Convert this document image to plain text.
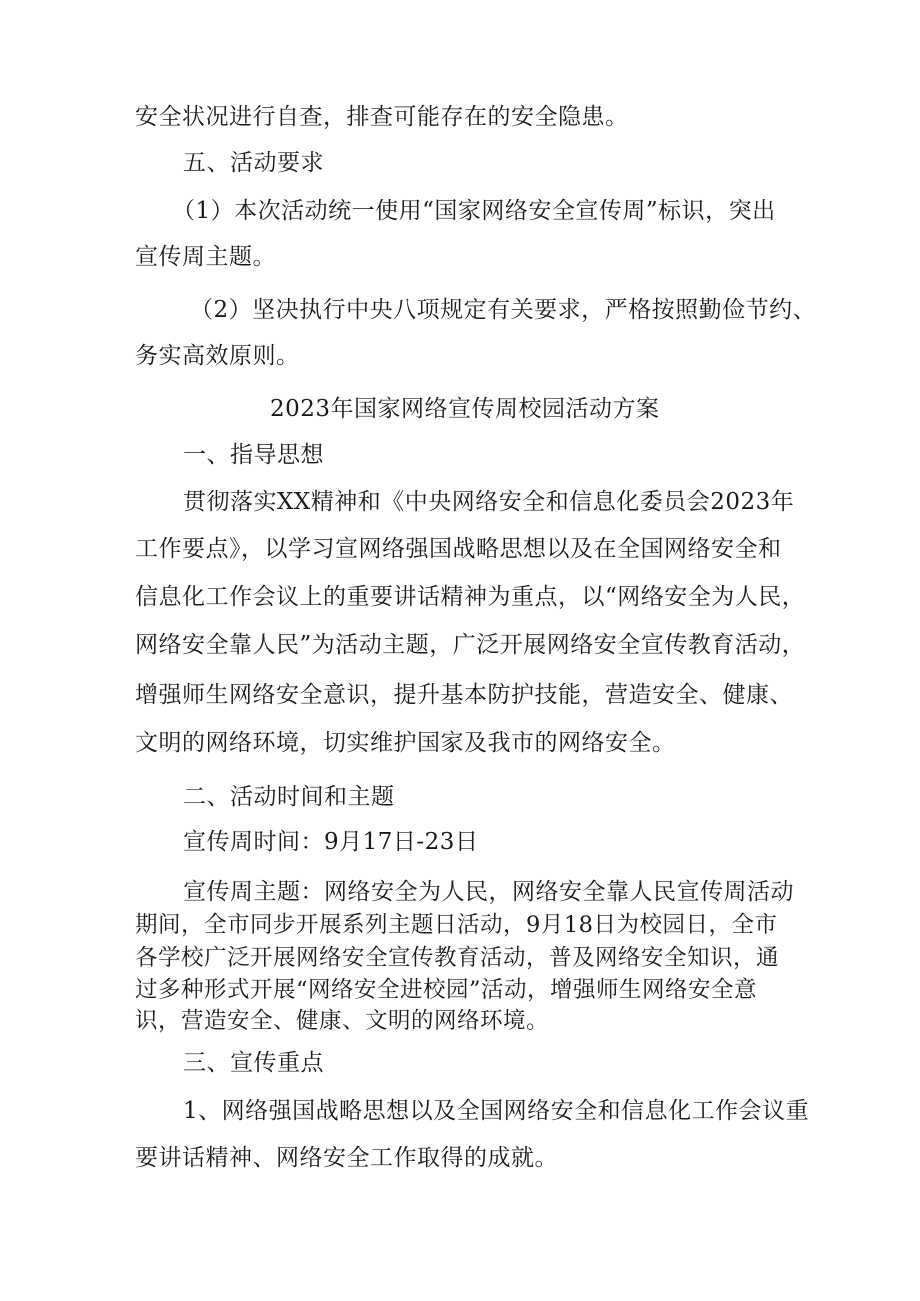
安全状况进行自查，排查可能存在的安全隐患。
五、活动要求
（1）本次活动统一使用“国家网络安全宣传周”标识，突出
宣传周主题。
（2）坚决执行中央八项规定有关要求，严格按照勤俭节约、
务实高效原则。
2023年国家网络宣传周校园活动方案
一、指导思想
贯彻落实XX精神和《中央网络安全和信息化委员会2023年
工作要点》，以学习宣网络强国战略思想以及在全国网络安全和
信息化工作会议上的重要讲话精神为重点，以“网络安全为人民，
网络安全靠人民”为活动主题，广泛开展网络安全宣传教育活动，
增强师生网络安全意识，提升基本防护技能，营造安全、健康、
文明的网络环境，切实维护国家及我市的网络安全。
二、活动时间和主题
宣传周时间：9月17日-23日
宣传周主题：网络安全为人民，网络安全靠人民宣传周活动
期间，全市同步开展系列主题日活动，9月18日为校园日，全市
各学校广泛开展网络安全宣传教育活动，普及网络安全知识，通
过多种形式开展“网络安全进校园”活动，增强师生网络安全意
识，营造安全、健康、文明的网络环境。
三、宣传重点
1、网络强国战略思想以及全国网络安全和信息化工作会议重
要讲话精神、网络安全工作取得的成就。
